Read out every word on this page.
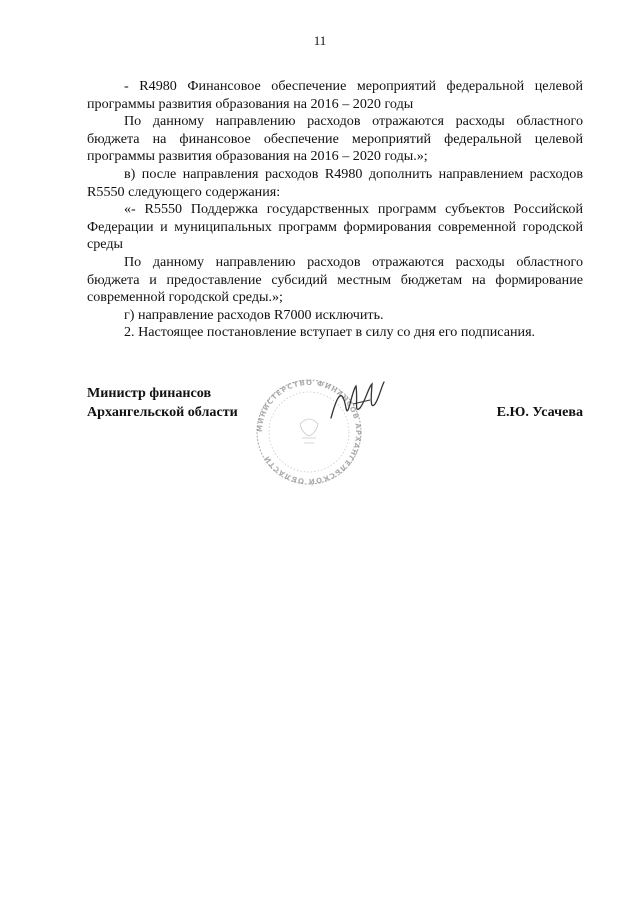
11

- R4980 Финансовое обеспечение мероприятий федеральной целевой программы развития образования на 2016 – 2020 годы

По данному направлению расходов отражаются расходы областного бюджета на финансовое обеспечение мероприятий федеральной целевой программы развития образования на 2016 – 2020 годы.»;

в) после направления расходов R4980 дополнить направлением расходов R5550 следующего содержания:

«- R5550 Поддержка государственных программ субъектов Российской Федерации и муниципальных программ формирования современной городской среды

По данному направлению расходов отражаются расходы областного бюджета и предоставление субсидий местным бюджетам на формирование современной городской среды.»;

г) направление расходов R7000 исключить.

2. Настоящее постановление вступает в силу со дня его подписания.

Министр финансов
Архангельской области
МИНИСТЕРСТВО ФИНАНСОВ АРХАНГЕЛЬСКОЙ ОБЛАСТИ
Е.Ю. Усачева
